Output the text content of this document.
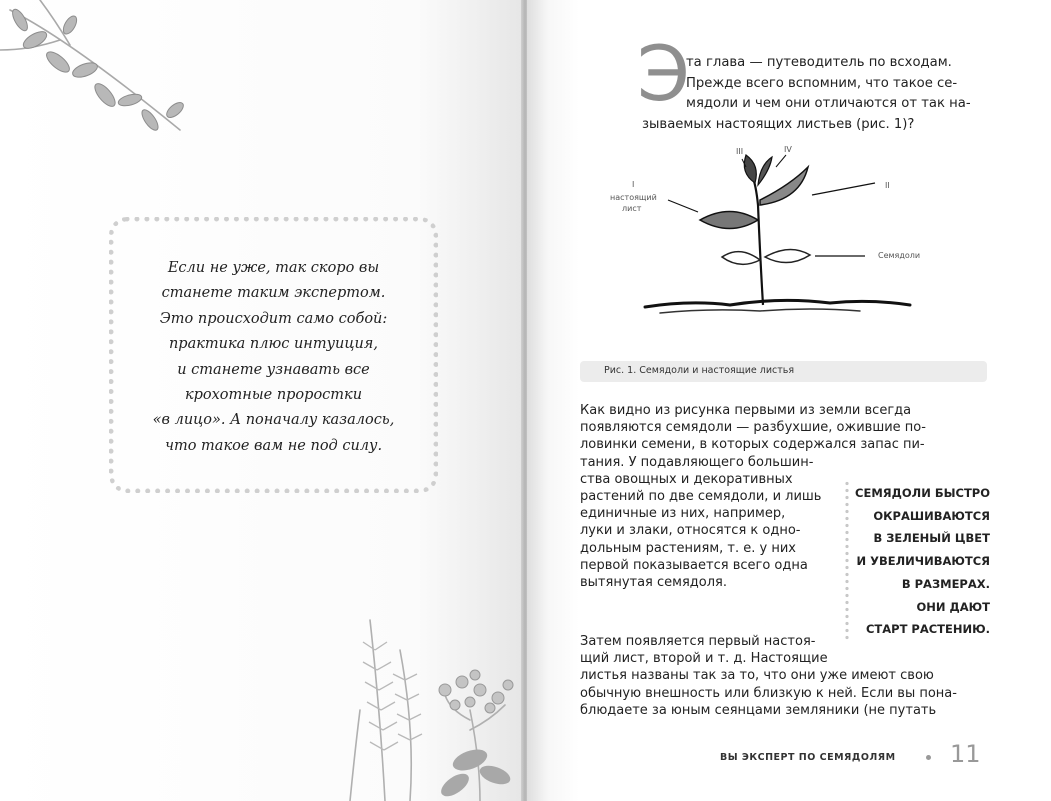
Если не уже, так скоро вы
станете таким экспертом.
Это происходит само собой:
практика плюс интуиция,
и станете узнавать все
крохотные проростки
«в лицо». А поначалу казалось,
что такое вам не под силу.
Э
та глава — путеводитель по всходам.
Прежде всего вспомним, что такое се-
мядоли и чем они отличаются от так на-
зываемых настоящих листьев (рис. 1)?
I
настоящий
лист
II
III	IV
Семядоли
Рис. 1. Семядоли и настоящие листья
Как видно из рисунка первыми из земли всегда
появляются семядоли — разбухшие, ожившие по-
ловинки семени, в которых содержался запас пи-
тания. У подавляющего большин-
ства овощных и декоративных
растений по две семядоли, и лишь
единичные из них, например,
луки и злаки, относятся к одно-
дольным растениям, т. е. у них
первой показывается всего одна
вытянутая семядоля.
Затем появляется первый настоя-
щий лист, второй и т. д. Настоящие
листья названы так за то, что они уже имеют свою
обычную внешность или близкую к ней. Если вы пона-
блюдаете за юным сеянцами земляники (не путать
СЕМЯДОЛИ БЫСТРО
ОКРАШИВАЮТСЯ
В ЗЕЛЕНЫЙ ЦВЕТ
И УВЕЛИЧИВАЮТСЯ
В РАЗМЕРАХ.
ОНИ ДАЮТ
СТАРТ РАСТЕНИЮ.
ВЫ ЭКСПЕРТ ПО СЕМЯДОЛЯМ 11
